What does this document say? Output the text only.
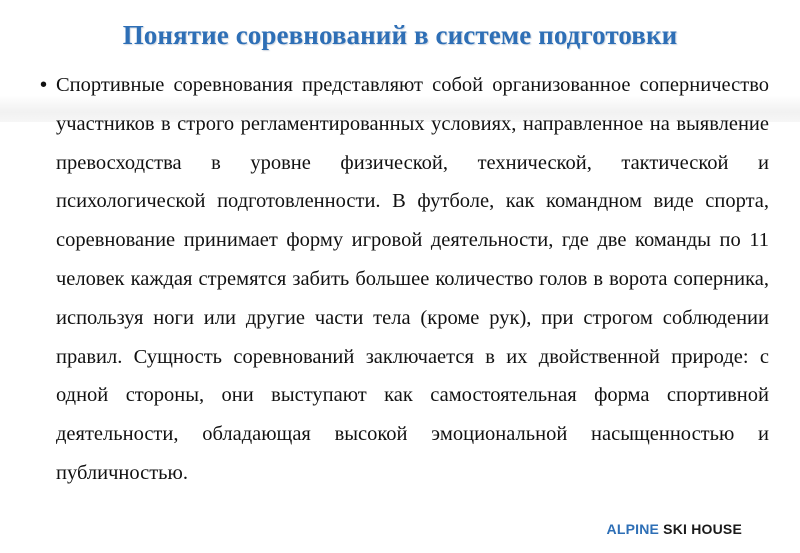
Понятие соревнований в системе подготовки
• Спортивные соревнования представляют собой организованное соперничество участников в строго регламентированных условиях, направленное на выявление превосходства в уровне физической, технической, тактической и психологической подготовленности. В футболе, как командном виде спорта, соревнование принимает форму игровой деятельности, где две команды по 11 человек каждая стремятся забить большее количество голов в ворота соперника, используя ноги или другие части тела (кроме рук), при строгом соблюдении правил. Сущность соревнований заключается в их двойственной природе: с одной стороны, они выступают как самостоятельная форма спортивной деятельности, обладающая высокой эмоциональной насыщенностью и публичностью.

ALPINE SKI HOUSE
